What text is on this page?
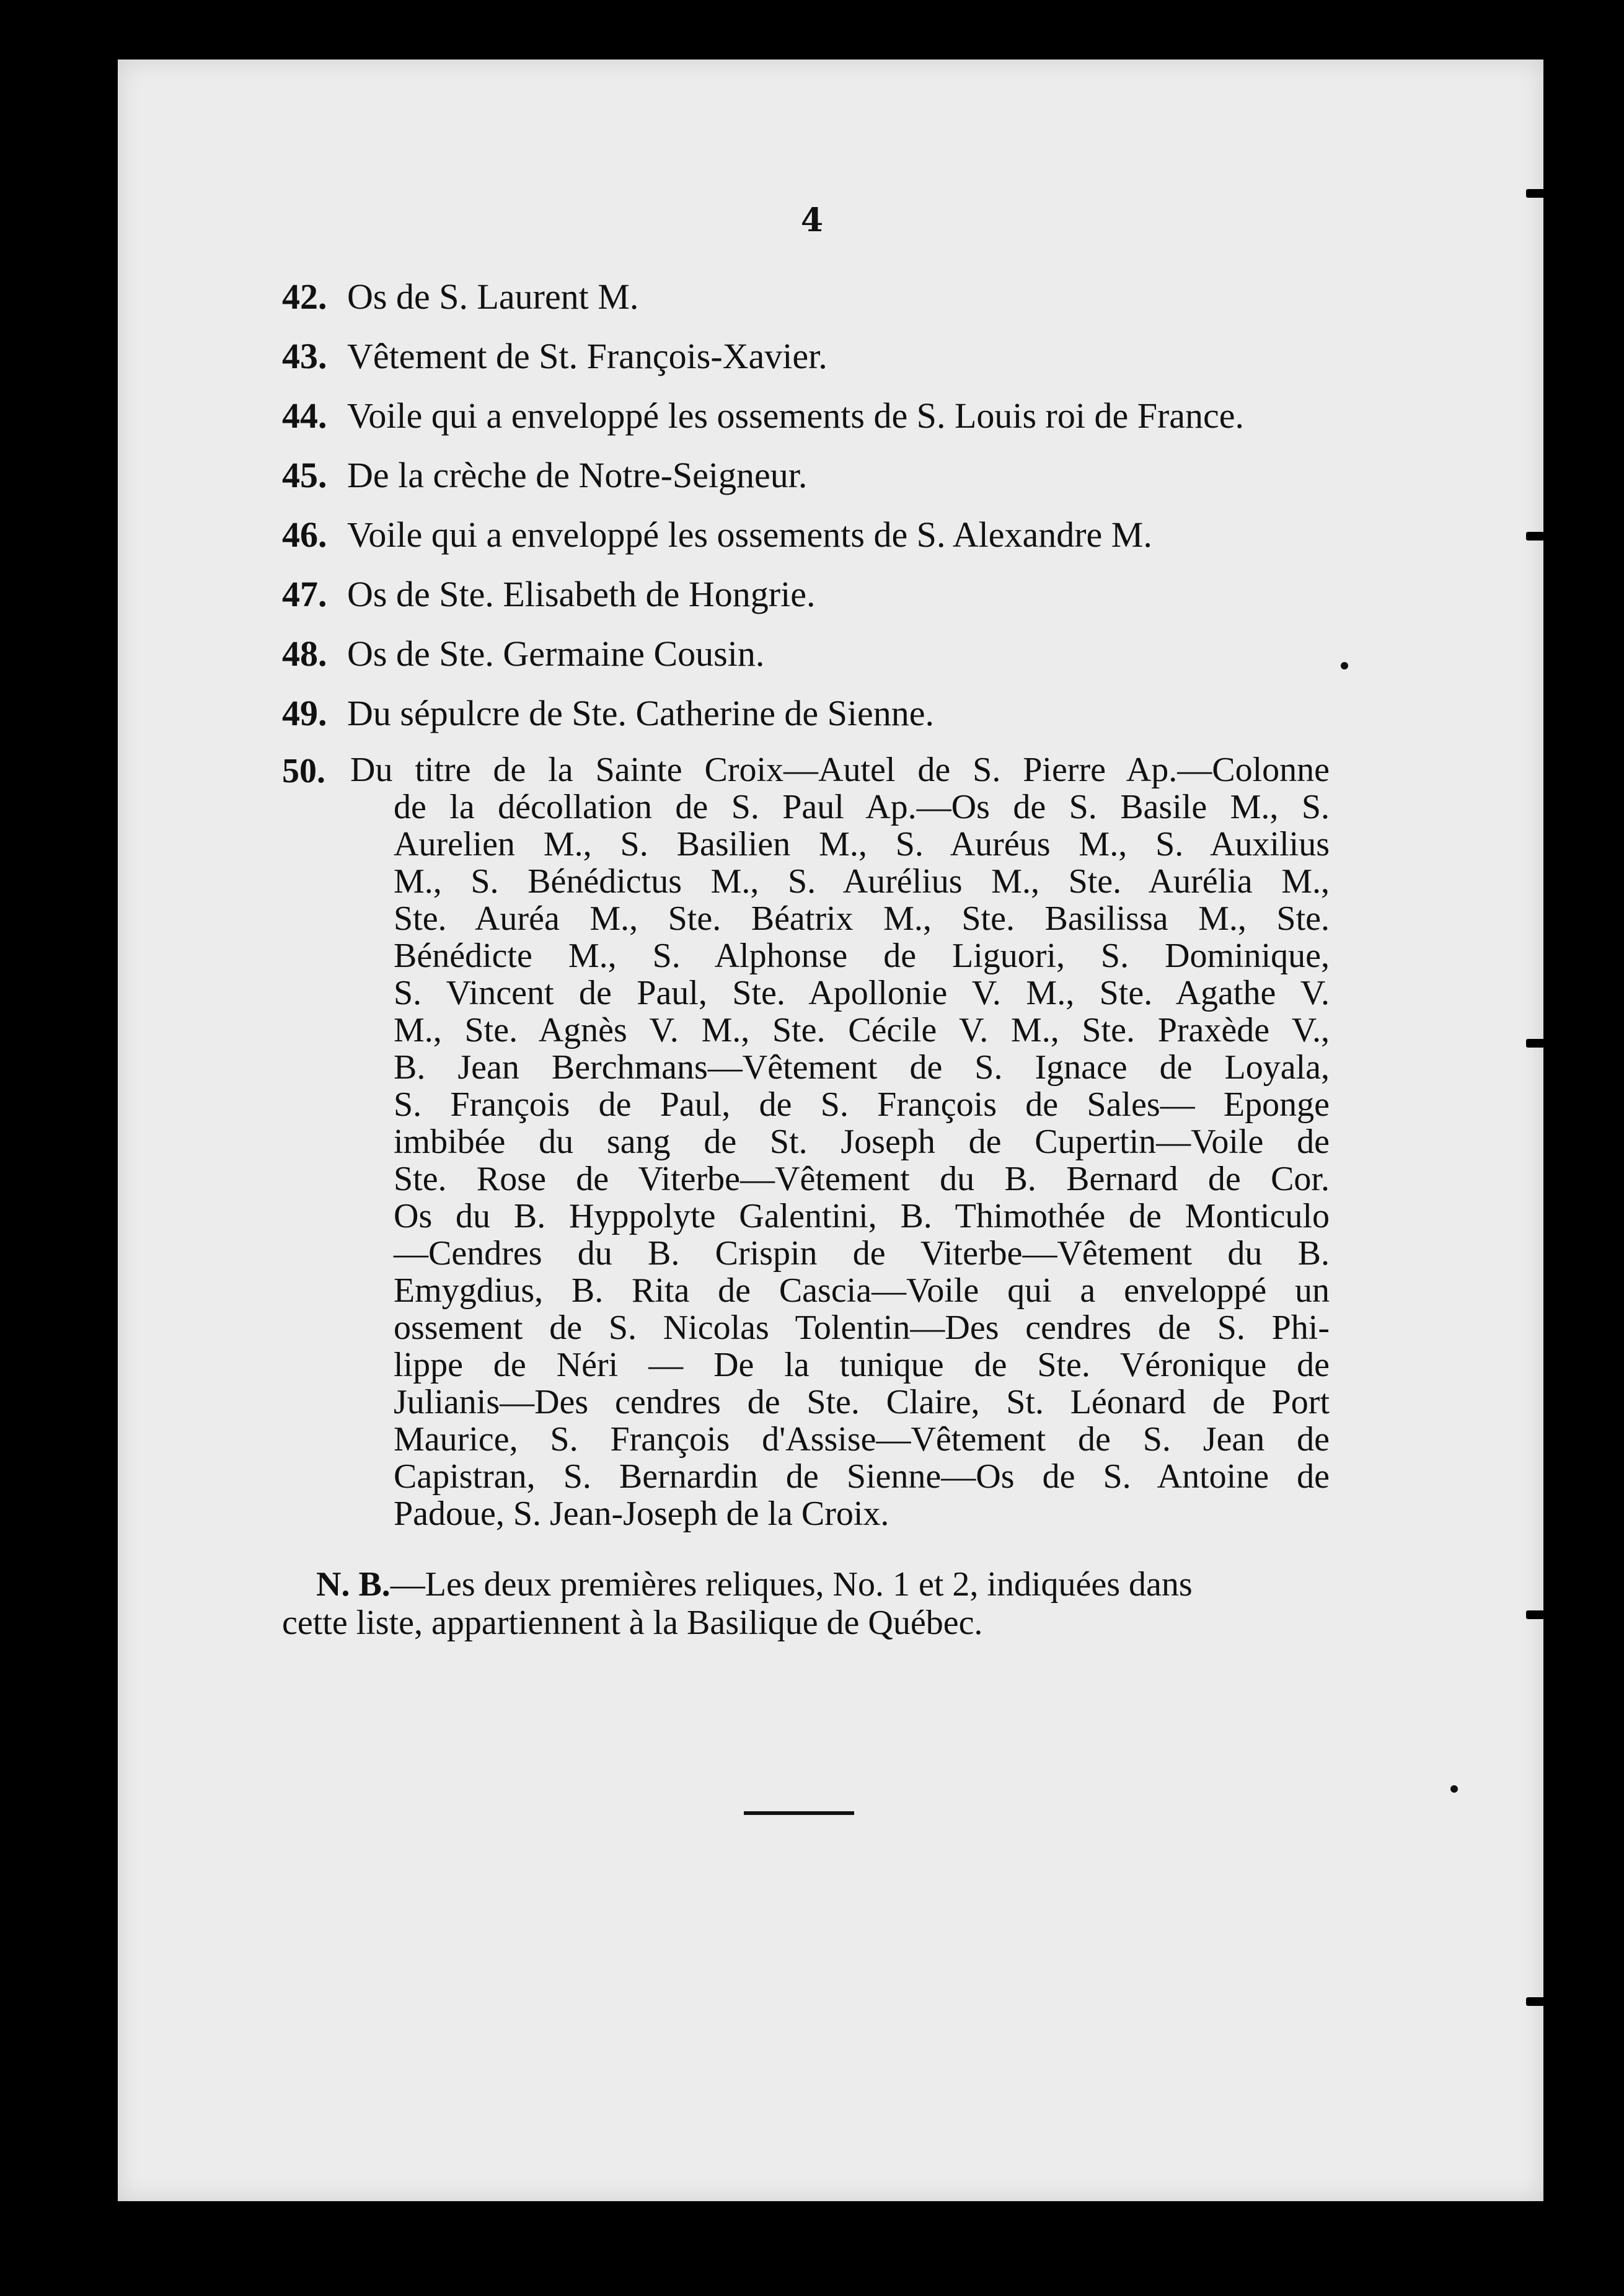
4
42. Os de S. Laurent M.
43. Vêtement de St. François-Xavier.
44. Voile qui a enveloppé les ossements de S. Louis roi de France.
45. De la crèche de Notre-Seigneur.
46. Voile qui a enveloppé les ossements de S. Alexandre M.
47. Os de Ste. Elisabeth de Hongrie.
48. Os de Ste. Germaine Cousin.
49. Du sépulcre de Ste. Catherine de Sienne.
50. Du titre de la Sainte Croix—Autel de S. Pierre Ap.—Colonne
de la décollation de S. Paul Ap.—Os de S. Basile M., S.
Aurelien M., S. Basilien M., S. Auréus M., S. Auxilius
M., S. Bénédictus M., S. Aurélius M., Ste. Aurélia M.,
Ste. Auréa M., Ste. Béatrix M., Ste. Basilissa M., Ste.
Bénédicte M., S. Alphonse de Liguori, S. Dominique,
S. Vincent de Paul, Ste. Apollonie V. M., Ste. Agathe V.
M., Ste. Agnès V. M., Ste. Cécile V. M., Ste. Praxède V.,
B. Jean Berchmans—Vêtement de S. Ignace de Loyala,
S. François de Paul, de S. François de Sales— Eponge
imbibée du sang de St. Joseph de Cupertin—Voile de
Ste. Rose de Viterbe—Vêtement du B. Bernard de Cor.
Os du B. Hyppolyte Galentini, B. Thimothée de Monticulo
—Cendres du B. Crispin de Viterbe—Vêtement du B.
Emygdius, B. Rita de Cascia—Voile qui a enveloppé un
ossement de S. Nicolas Tolentin—Des cendres de S. Phi-
lippe de Néri — De la tunique de Ste. Véronique de
Julianis—Des cendres de Ste. Claire, St. Léonard de Port
Maurice, S. François d'Assise—Vêtement de S. Jean de
Capistran, S. Bernardin de Sienne—Os de S. Antoine de
Padoue, S. Jean-Joseph de la Croix.
N. B.—Les deux premières reliques, No. 1 et 2, indiquées dans
cette liste, appartiennent à la Basilique de Québec.
